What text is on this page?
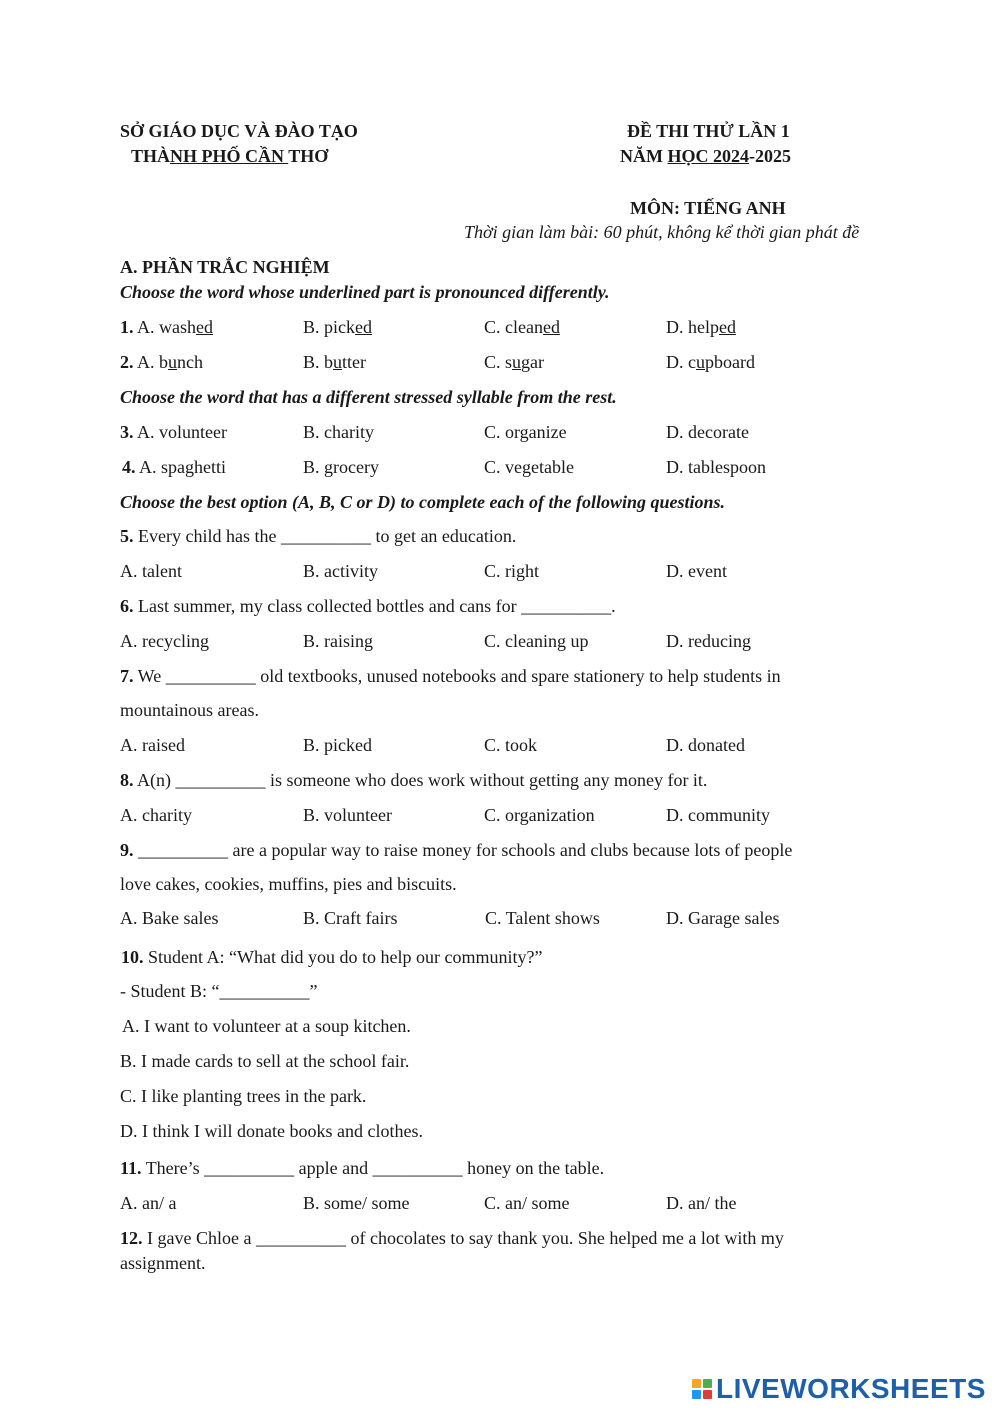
SỞ GIÁO DỤC VÀ ĐÀO TẠO
THÀNH PHỐ CẦN THƠ
ĐỀ THI THỬ LẦN 1
NĂM HỌC 2024-2025
MÔN: TIẾNG ANH
Thời gian làm bài: 60 phút, không kể thời gian phát đề
A. PHẦN TRẮC NGHIỆM
Choose the word whose underlined part is pronounced differently.
1. A. washed	B. picked	C. cleaned	D. helped
2. A. bunch	B. butter	C. sugar	D. cupboard
Choose the word that has a different stressed syllable from the rest.
3. A. volunteer	B. charity	C. organize	D. decorate
4. A. spaghetti	B. grocery	C. vegetable	D. tablespoon
Choose the best option (A, B, C or D) to complete each of the following questions.
5. Every child has the __________ to get an education.
A. talent	B. activity	C. right	D. event
6. Last summer, my class collected bottles and cans for __________.
A. recycling	B. raising	C. cleaning up	D. reducing
7. We __________ old textbooks, unused notebooks and spare stationery to help students in
mountainous areas.
A. raised	B. picked	C. took	D. donated
8. A(n) __________ is someone who does work without getting any money for it.
A. charity	B. volunteer	C. organization	D. community
9. __________ are a popular way to raise money for schools and clubs because lots of people
love cakes, cookies, muffins, pies and biscuits.
A. Bake sales	B. Craft fairs	C. Talent shows	D. Garage sales
10. Student A: “What did you do to help our community?”
- Student B: “__________”
A. I want to volunteer at a soup kitchen.
B. I made cards to sell at the school fair.
C. I like planting trees in the park.
D. I think I will donate books and clothes.
11. There’s __________ apple and __________ honey on the table.
A. an/ a	B. some/ some	C. an/ some	D. an/ the
12. I gave Chloe a __________ of chocolates to say thank you. She helped me a lot with my
assignment.
LIVEWORKSHEETS
